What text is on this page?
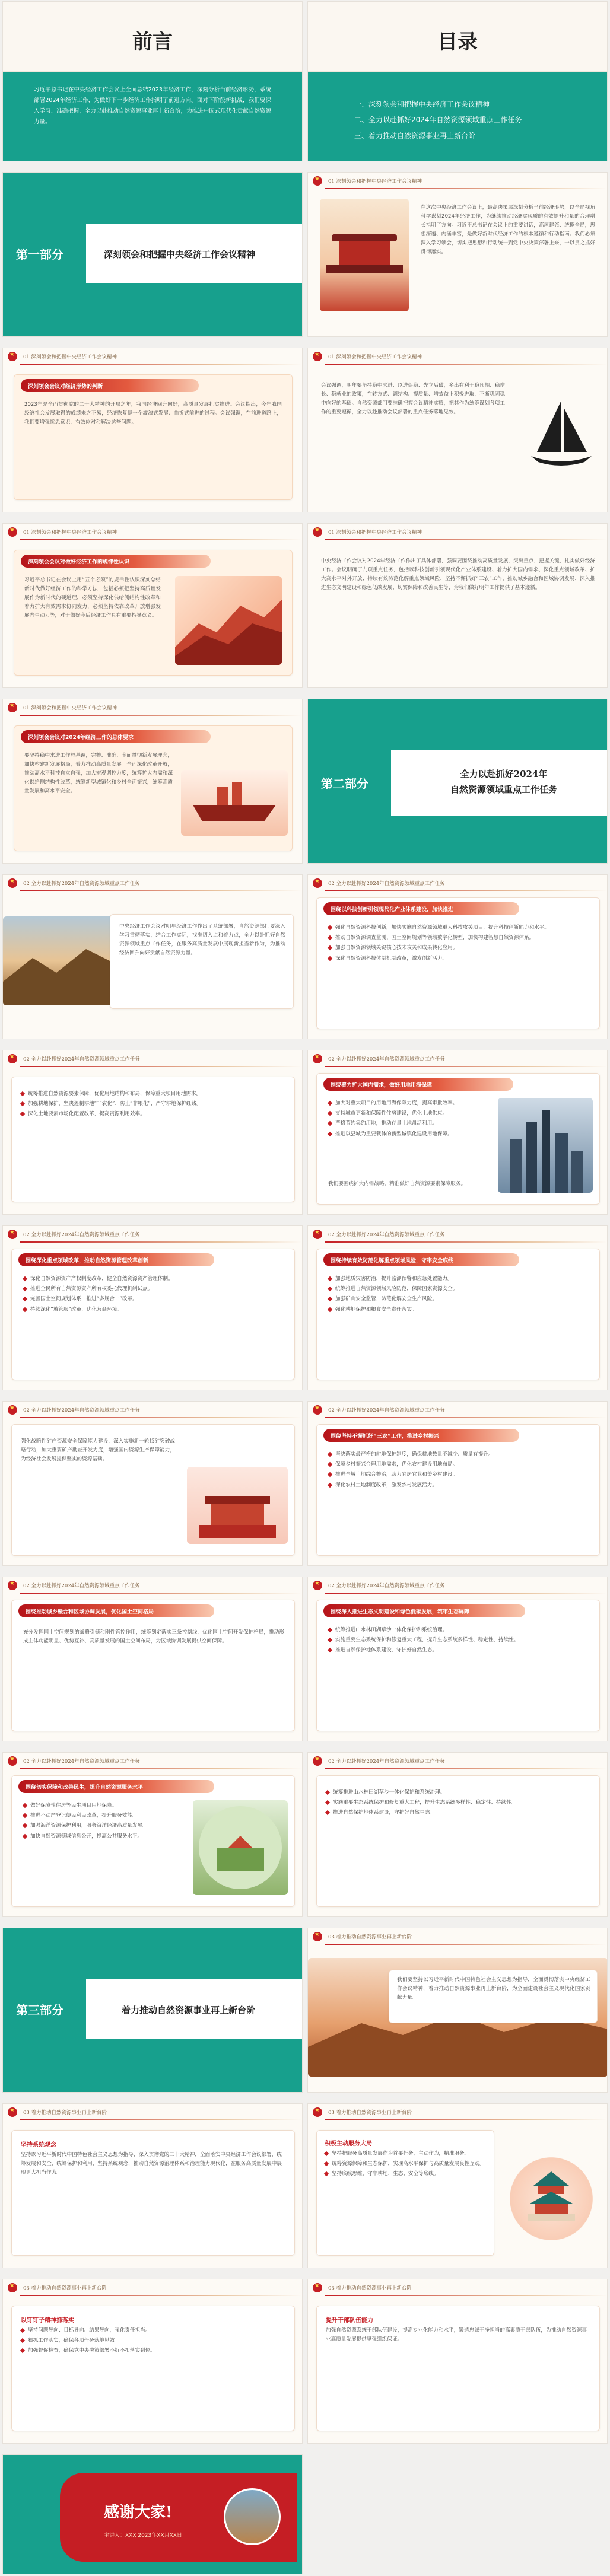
前言
习近平总书记在中央经济工作会议上全面总结2023年经济工作，深刻分析当前经济形势，系统部署2024年经济工作，为做好下一步经济工作指明了前进方向。面对下阶段新挑战，我们要深入学习、准确把握，全力以赴推动自然资源事业再上新台阶，为推进中国式现代化贡献自然资源力量。
目录
一、深刻领会和把握中央经济工作会议精神
二、全力以赴抓好2024年自然资源领域重点工作任务
三、着力推动自然资源事业再上新台阶
第一部分	深刻领会和把握中央经济工作会议精神
★
01 深刻领会和把握中央经济工作会议精神
在这次中央经济工作会议上，最高决策层深刻分析当前经济形势，以全局视角科学谋划2024年经济工作，为继续推动经济实现质的有效提升和量的合理增长指明了方向。习近平总书记在会议上的重要讲话，高屋建瓴、统揽全局，思想深邃、内涵丰富，是做好新时代经济工作的根本遵循和行动指南。我们必须深入学习领会，切实把思想和行动统一到党中央决策部署上来，一以贯之抓好贯彻落实。
★
01 深刻领会和把握中央经济工作会议精神
深刻领会会议对经济形势的判断
2023年是全面贯彻党的二十大精神的开局之年，我国经济回升向好，高质量发展扎实推进。会议指出，今年我国经济社会发展取得的成绩来之不易，经济恢复是一个波浪式发展、曲折式前进的过程。会议强调，在前进道路上，我们要增强忧患意识，有效应对和解决这些问题。
★
01 深刻领会和把握中央经济工作会议精神
会议强调，明年要坚持稳中求进、以进促稳、先立后破，多出有利于稳预期、稳增长、稳就业的政策，在转方式、调结构、提质量、增效益上积极进取，不断巩固稳中向好的基础。自然资源部门要准确把握会议精神实质，把其作为统筹谋划各项工作的重要遵循，全力以赴推动会议部署的重点任务落地见效。
★
01 深刻领会和把握中央经济工作会议精神
深刻领会会议对做好经济工作的规律性认识
习近平总书记在会议上用“五个必须”的规律性认识深刻总结新时代做好经济工作的科学方法，包括必须把坚持高质量发展作为新时代的硬道理，必须坚持深化供给侧结构性改革和着力扩大有效需求协同发力，必须坚持依靠改革开放增强发展内生动力等，对于做好今后经济工作具有重要指导意义。
★
01 深刻领会和把握中央经济工作会议精神
中央经济工作会议对2024年经济工作作出了具体部署，强调要围绕推动高质量发展，突出重点，把握关键，扎实做好经济工作。会议明确了九项重点任务，包括以科技创新引领现代化产业体系建设、着力扩大国内需求、深化重点领域改革、扩大高水平对外开放、持续有效防范化解重点领域风险、坚持不懈抓好“三农”工作、推动城乡融合和区域协调发展、深入推进生态文明建设和绿色低碳发展、切实保障和改善民生等，为我们做好明年工作提供了基本遵循。
★
01 深刻领会和把握中央经济工作会议精神
深刻领会会议对2024年经济工作的总体要求
要坚持稳中求进工作总基调，完整、准确、全面贯彻新发展理念，加快构建新发展格局，着力推动高质量发展。全面深化改革开放，推动高水平科技自立自强，加大宏观调控力度，统筹扩大内需和深化供给侧结构性改革，统筹新型城镇化和乡村全面振兴，统筹高质量发展和高水平安全。
第二部分
全力以赴抓好2024年
自然资源领域重点工作任务
★
02 全力以赴抓好2024年自然资源领域重点工作任务
中央经济工作会议对明年经济工作作出了系统部署，自然资源部门要深入学习贯彻落实，结合工作实际，找准切入点和着力点，全力以赴抓好自然资源领域重点工作任务，在服务高质量发展中展现新担当新作为，为推动经济回升向好贡献自然资源力量。
★
02 全力以赴抓好2024年自然资源领域重点工作任务
围绕以科技创新引领现代化产业体系建设，加快推进
强化自然资源科技创新，加快实施自然资源领域重大科技攻关项目，提升科技创新能力和水平。
推动自然资源调查监测、国土空间规划等领域数字化转型，加快构建智慧自然资源体系。
加强自然资源领域关键核心技术攻关和成果转化应用。
深化自然资源科技体制机制改革，激发创新活力。
★
02 全力以赴抓好2024年自然资源领域重点工作任务
统筹推进自然资源要素保障，优化用地结构和布局，保障重大项目用地需求。
加强耕地保护，坚决遏制耕地“非农化”、防止“非粮化”，严守耕地保护红线。
深化土地要素市场化配置改革，提高资源利用效率。
★
02 全力以赴抓好2024年自然资源领域重点工作任务
围绕着力扩大国内需求，做好用地用海保障
加大对重大项目的用地用海保障力度，提高审批效率。
支持城市更新和保障性住房建设，优化土地供应。
严格节约集约用地，推动存量土地盘活利用。
推进以县城为重要载体的新型城镇化建设用地保障。
我们要围绕扩大内需战略，精准做好自然资源要素保障服务。
★
02 全力以赴抓好2024年自然资源领域重点工作任务
围绕深化重点领域改革，推动自然资源管理改革创新
深化自然资源资产产权制度改革，健全自然资源资产管理体制。
推进全民所有自然资源资产所有权委托代理机制试点。
完善国土空间规划体系，推进“多规合一”改革。
持续深化“放管服”改革，优化营商环境。
★
02 全力以赴抓好2024年自然资源领域重点工作任务
围绕持续有效防范化解重点领域风险，守牢安全底线
加强地质灾害防治，提升监测预警和应急处置能力。
统筹推进自然资源领域风险防范，保障国家资源安全。
加强矿山安全监管，防范化解安全生产风险。
强化耕地保护和粮食安全责任落实。
★
02 全力以赴抓好2024年自然资源领域重点工作任务
强化战略性矿产资源安全保障能力建设，深入实施新一轮找矿突破战略行动，加大重要矿产勘查开发力度，增强国内资源生产保障能力，为经济社会发展提供坚实的资源基础。
★
02 全力以赴抓好2024年自然资源领域重点工作任务
围绕坚持不懈抓好“三农”工作，推进乡村振兴
坚决落实最严格的耕地保护制度，确保耕地数量不减少、质量有提升。
保障乡村振兴合理用地需求，优化农村建设用地布局。
推进全域土地综合整治，助力宜居宜业和美乡村建设。
深化农村土地制度改革，激发乡村发展活力。
★
02 全力以赴抓好2024年自然资源领域重点工作任务
围绕推动城乡融合和区域协调发展，优化国土空间格局
充分发挥国土空间规划的战略引领和刚性管控作用，统筹划定落实三条控制线，优化国土空间开发保护格局，推动形成主体功能明显、优势互补、高质量发展的国土空间布局，为区域协调发展提供空间保障。
★
02 全力以赴抓好2024年自然资源领域重点工作任务
围绕深入推进生态文明建设和绿色低碳发展，筑牢生态屏障
统筹推进山水林田湖草沙一体化保护和系统治理。
实施重要生态系统保护和修复重大工程，提升生态系统多样性、稳定性、持续性。
推进自然保护地体系建设，守护好自然生态。
★
02 全力以赴抓好2024年自然资源领域重点工作任务
围绕切实保障和改善民生，提升自然资源服务水平
做好保障性住房等民生项目用地保障。
推进不动产登记便民利民改革，提升服务效能。
加强海洋资源保护利用，服务海洋经济高质量发展。
加快自然资源领域信息公开，提高公共服务水平。
★
02 全力以赴抓好2024年自然资源领域重点工作任务
统筹推进山水林田湖草沙一体化保护和系统治理。
实施重要生态系统保护和修复重大工程，提升生态系统多样性、稳定性、持续性。
推进自然保护地体系建设，守护好自然生态。
第三部分	着力推动自然资源事业再上新台阶
★
03 着力推动自然资源事业再上新台阶
我们要坚持以习近平新时代中国特色社会主义思想为指导，全面贯彻落实中央经济工作会议精神，着力推动自然资源事业再上新台阶，为全面建设社会主义现代化国家贡献力量。
★
03 着力推动自然资源事业再上新台阶
坚持系统观念
坚持以习近平新时代中国特色社会主义思想为指导，深入贯彻党的二十大精神，全面落实中央经济工作会议部署，统筹发展和安全，统筹保护和利用，坚持系统观念，推动自然资源治理体系和治理能力现代化，在服务高质量发展中展现更大担当作为。
★
03 着力推动自然资源事业再上新台阶
积极主动服务大局
坚持把服务高质量发展作为首要任务，主动作为，精准服务。
统筹资源保障和生态保护，实现高水平保护与高质量发展良性互动。
坚持底线思维，守牢耕地、生态、安全等底线。
★
03 着力推动自然资源事业再上新台阶
以钉钉子精神抓落实
坚持问题导向、目标导向、结果导向，强化责任担当。
狠抓工作落实，确保各项任务落地见效。
加强督促检查，确保党中央决策部署不折不扣落实到位。
★
03 着力推动自然资源事业再上新台阶
提升干部队伍能力
加强自然资源系统干部队伍建设，提高专业化能力和水平，锻造忠诚干净担当的高素质干部队伍，为推动自然资源事业高质量发展提供坚强组织保证。
感谢大家!
主讲人：XXX 2023年XX月XX日
